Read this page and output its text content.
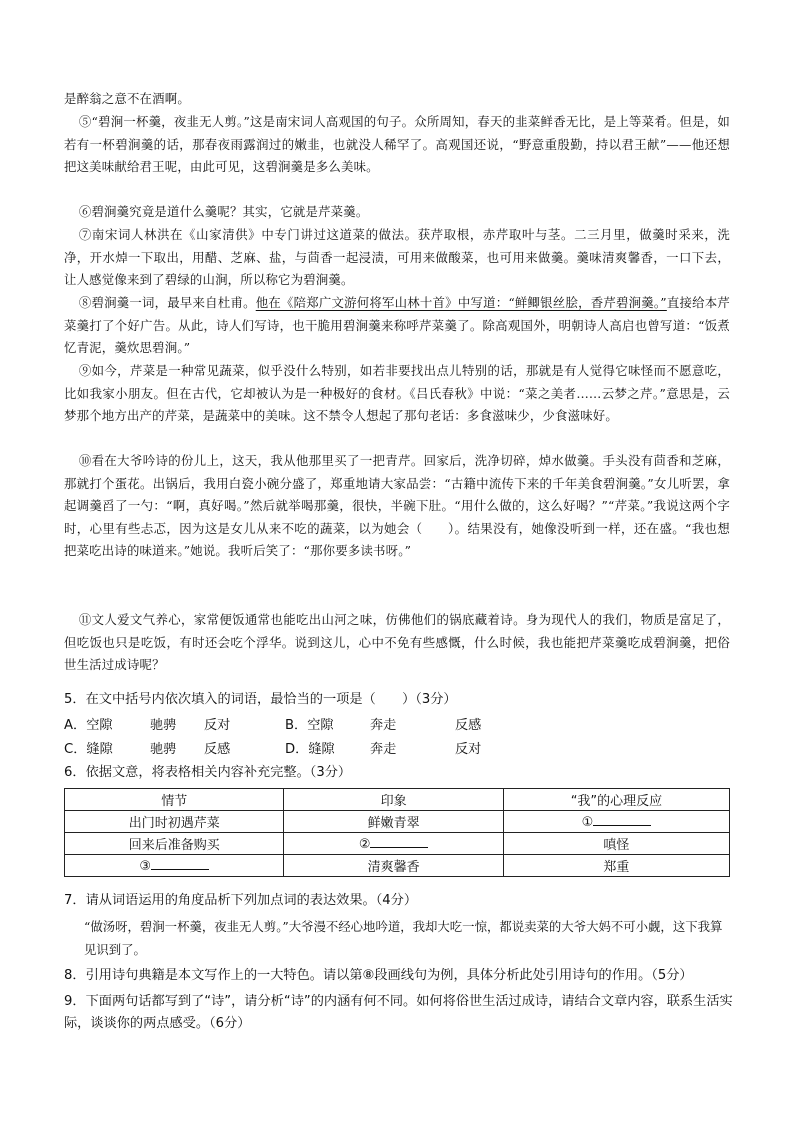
是醉翁之意不在酒啊。

⑤“碧涧一杯羹，夜韭无人剪。”这是南宋词人高观国的句子。众所周知，春天的韭菜鲜香无比，是上等菜肴。但是，如若有一杯碧涧羹的话，那春夜雨露润过的嫩韭，也就没人稀罕了。高观国还说，“野意重殷勤，持以君王献”——他还想把这美味献给君王呢，由此可见，这碧涧羹是多么美味。

⑥碧涧羹究竟是道什么羹呢？其实，它就是芹菜羹。

⑦南宋词人林洪在《山家清供》中专门讲过这道菜的做法。获芹取根，赤芹取叶与茎。二三月里，做羹时采来，洗净，开水焯一下取出，用醋、芝麻、盐，与茴香一起浸渍，可用来做酸菜，也可用来做羹。羹味清爽馨香，一口下去，让人感觉像来到了碧绿的山涧，所以称它为碧涧羹。

⑧碧涧羹一词，最早来自杜甫。他在《陪郑广文游何将军山林十首》中写道：“鲜鲫银丝脍，香芹碧涧羹。”直接给本芹菜羹打了个好广告。从此，诗人们写诗，也干脆用碧涧羹来称呼芹菜羹了。除高观国外，明朝诗人高启也曾写道：“饭煮忆青泥，羹炊思碧涧。”

⑨如今，芹菜是一种常见蔬菜，似乎没什么特别，如若非要找出点儿特别的话，那就是有人觉得它味怪而不愿意吃，比如我家小朋友。但在古代，它却被认为是一种极好的食材。《吕氏春秋》中说：“菜之美者……云梦之芹。”意思是，云梦那个地方出产的芹菜，是蔬菜中的美味。这不禁令人想起了那句老话：多食滋味少，少食滋味好。

⑩看在大爷吟诗的份儿上，这天，我从他那里买了一把青芹。回家后，洗净切碎，焯水做羹。手头没有茴香和芝麻，那就打个蛋花。出锅后，我用白瓷小碗分盛了，郑重地请大家品尝：“古籍中流传下来的千年美食碧涧羹。”女儿听罢，拿起调羹舀了一勺：“啊，真好喝。”然后就举喝那羹，很快，半碗下肚。“用什么做的，这么好喝？”“芹菜。”我说这两个字时，心里有些忐忑，因为这是女儿从来不吃的蔬菜，以为她会（　　）。结果没有，她像没听到一样，还在盛。“我也想把菜吃出诗的味道来。”她说。我听后笑了：“那你要多读书呀。”

⑪文人爱文气养心，家常便饭通常也能吃出山河之味，仿佛他们的锅底藏着诗。身为现代人的我们，物质是富足了，但吃饭也只是吃饭，有时还会吃个浮华。说到这儿，心中不免有些感慨，什么时候，我也能把芹菜羹吃成碧涧羹，把俗世生活过成诗呢？

5．在文中括号内依次填入的词语，最恰当的一项是（　　）（3分）

A．空隙	驰骋 反对	B．空隙	奔走	反感
C．缝隙	驰骋 反感	D．缝隙	奔走	反对

6．依据文意，将表格相关内容补充完整。（3分）

情节	印象	“我”的心理反应
出门时初遇芹菜	鲜嫩青翠	①
回来后准备购买	②	嗔怪
③	清爽馨香	郑重

7．请从词语运用的角度品析下列加点词的表达效果。（4分）

“做汤呀，碧涧一杯羹，夜韭无人剪。”大爷漫不经心地吟道，我却大吃一惊，都说卖菜的大爷大妈不可小觑，这下我算见识到了。

8．引用诗句典籍是本文写作上的一大特色。请以第⑧段画线句为例，具体分析此处引用诗句的作用。（5分）

9．下面两句话都写到了“诗”，请分析“诗”的内涵有何不同。如何将俗世生活过成诗，请结合文章内容，联系生活实际，谈谈你的两点感受。（6分）
